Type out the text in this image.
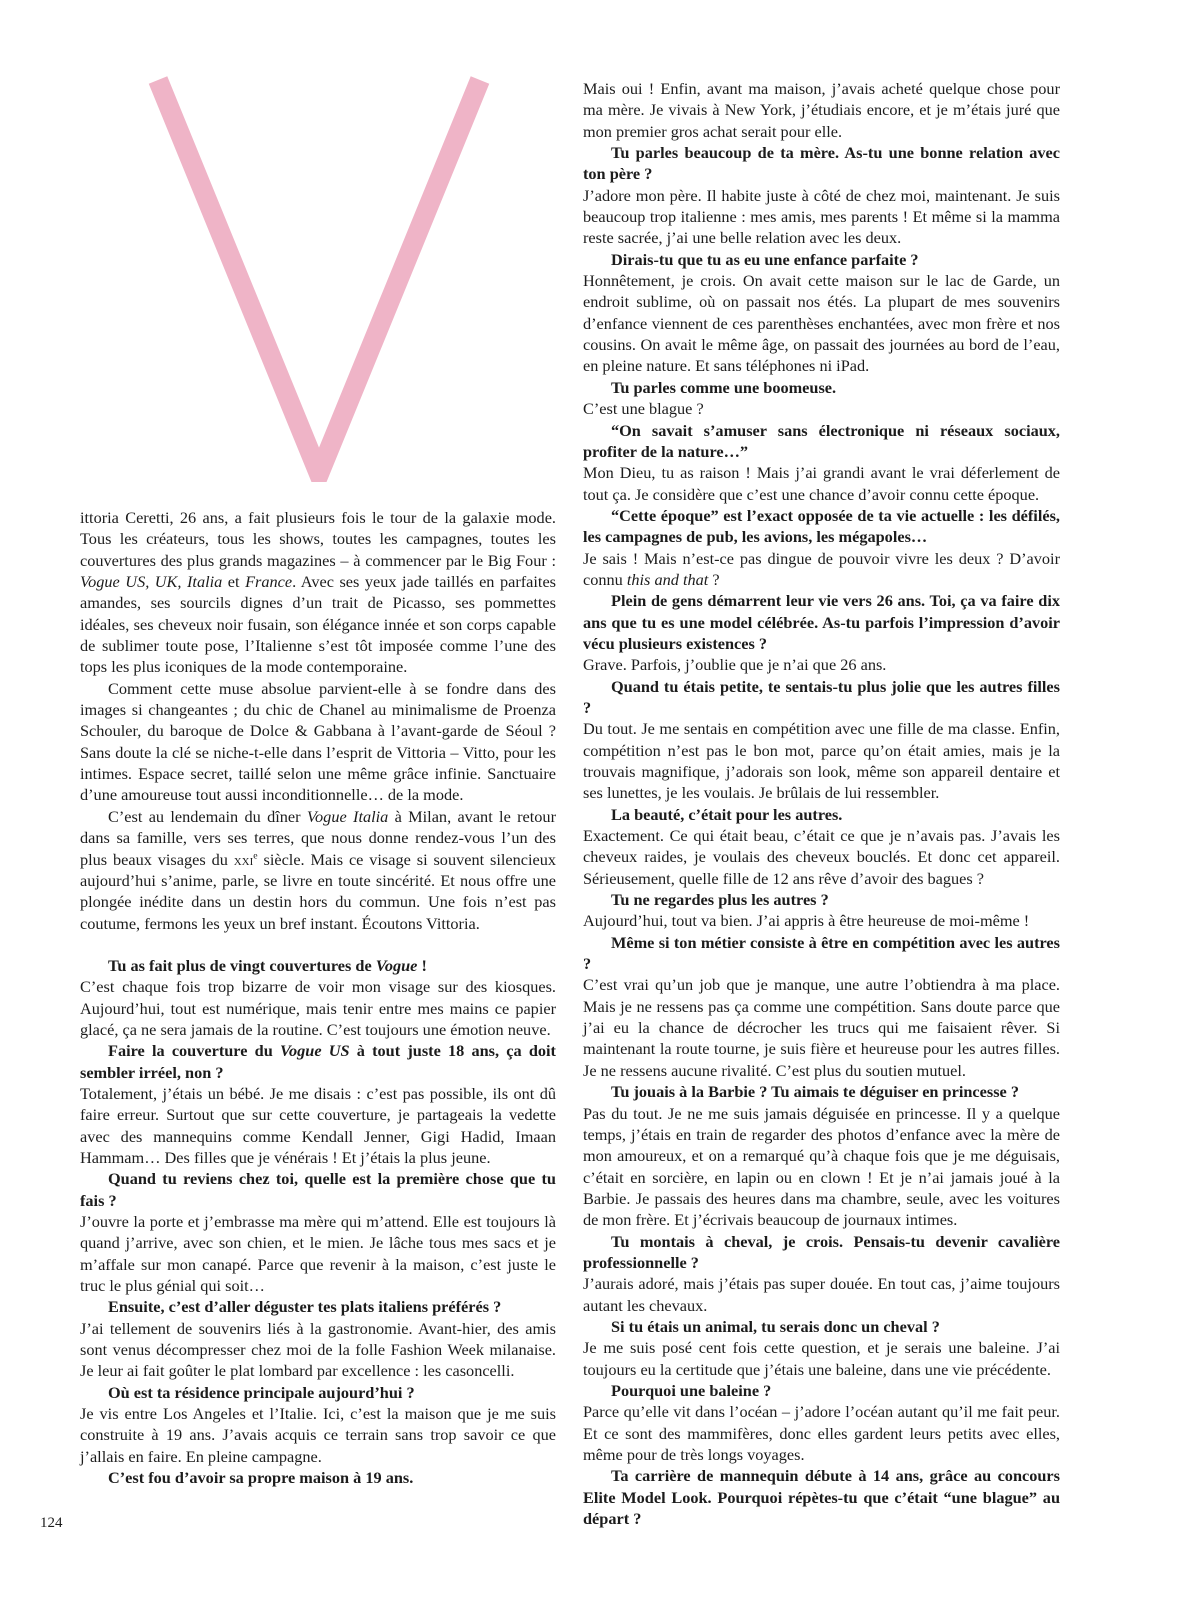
ittoria Ceretti, 26 ans, a fait plusieurs fois le tour de la galaxie mode. Tous les créateurs, tous les shows, toutes les campagnes, toutes les couvertures des plus grands magazines – à commencer par le Big Four : Vogue US, UK, Italia et France. Avec ses yeux jade taillés en parfaites amandes, ses sourcils dignes d’un trait de Picasso, ses pommettes idéales, ses cheveux noir fusain, son élégance innée et son corps capable de sublimer toute pose, l’Italienne s’est tôt imposée comme l’une des tops les plus iconiques de la mode contemporaine.

Comment cette muse absolue parvient-elle à se fondre dans des images si changeantes ; du chic de Chanel au minimalisme de Proenza Schouler, du baroque de Dolce & Gabbana à l’avant-garde de Séoul ? Sans doute la clé se niche-t-elle dans l’esprit de Vittoria – Vitto, pour les intimes. Espace secret, taillé selon une même grâce infinie. Sanctuaire d’une amoureuse tout aussi inconditionnelle… de la mode.

C’est au lendemain du dîner Vogue Italia à Milan, avant le retour dans sa famille, vers ses terres, que nous donne rendez-vous l’un des plus beaux visages du xxi$^e$ siècle. Mais ce visage si souvent silencieux aujourd’hui s’anime, parle, se livre en toute sincérité. Et nous offre une plongée inédite dans un destin hors du commun. Une fois n’est pas coutume, fermons les yeux un bref instant. Écoutons Vittoria.

Tu as fait plus de vingt couvertures de Vogue !

C’est chaque fois trop bizarre de voir mon visage sur des kiosques. Aujourd’hui, tout est numérique, mais tenir entre mes mains ce papier glacé, ça ne sera jamais de la routine. C’est toujours une émotion neuve.

Faire la couverture du Vogue US à tout juste 18 ans, ça doit sembler irréel, non ?

Totalement, j’étais un bébé. Je me disais : c’est pas possible, ils ont dû faire erreur. Surtout que sur cette couverture, je partageais la vedette avec des mannequins comme Kendall Jenner, Gigi Hadid, Imaan Hammam… Des filles que je vénérais ! Et j’étais la plus jeune.

Quand tu reviens chez toi, quelle est la première chose que tu fais ?

J’ouvre la porte et j’embrasse ma mère qui m’attend. Elle est toujours là quand j’arrive, avec son chien, et le mien. Je lâche tous mes sacs et je m’affale sur mon canapé. Parce que revenir à la maison, c’est juste le truc le plus génial qui soit…

Ensuite, c’est d’aller déguster tes plats italiens préférés ?

J’ai tellement de souvenirs liés à la gastronomie. Avant-hier, des amis sont venus décompresser chez moi de la folle Fashion Week milanaise. Je leur ai fait goûter le plat lombard par excellence : les casoncelli.

Où est ta résidence principale aujourd’hui ?

Je vis entre Los Angeles et l’Italie. Ici, c’est la maison que je me suis construite à 19 ans. J’avais acquis ce terrain sans trop savoir ce que j’allais en faire. En pleine campagne.

C’est fou d’avoir sa propre maison à 19 ans.

Mais oui ! Enfin, avant ma maison, j’avais acheté quelque chose pour ma mère. Je vivais à New York, j’étudiais encore, et je m’étais juré que mon premier gros achat serait pour elle.

Tu parles beaucoup de ta mère. As-tu une bonne relation avec ton père ?

J’adore mon père. Il habite juste à côté de chez moi, maintenant. Je suis beaucoup trop italienne : mes amis, mes parents ! Et même si la mamma reste sacrée, j’ai une belle relation avec les deux.

Dirais-tu que tu as eu une enfance parfaite ?

Honnêtement, je crois. On avait cette maison sur le lac de Garde, un endroit sublime, où on passait nos étés. La plupart de mes souvenirs d’enfance viennent de ces parenthèses enchantées, avec mon frère et nos cousins. On avait le même âge, on passait des journées au bord de l’eau, en pleine nature. Et sans téléphones ni iPad.

Tu parles comme une boomeuse.

C’est une blague ?

“On savait s’amuser sans électronique ni réseaux sociaux, profiter de la nature…”

Mon Dieu, tu as raison ! Mais j’ai grandi avant le vrai déferlement de tout ça. Je considère que c’est une chance d’avoir connu cette époque.

“Cette époque” est l’exact opposée de ta vie actuelle : les défilés, les campagnes de pub, les avions, les mégapoles…

Je sais ! Mais n’est-ce pas dingue de pouvoir vivre les deux ? D’avoir connu this and that ?

Plein de gens démarrent leur vie vers 26 ans. Toi, ça va faire dix ans que tu es une model célébrée. As-tu parfois l’impression d’avoir vécu plusieurs existences ?

Grave. Parfois, j’oublie que je n’ai que 26 ans.

Quand tu étais petite, te sentais-tu plus jolie que les autres filles ?

Du tout. Je me sentais en compétition avec une fille de ma classe. Enfin, compétition n’est pas le bon mot, parce qu’on était amies, mais je la trouvais magnifique, j’adorais son look, même son appareil dentaire et ses lunettes, je les voulais. Je brûlais de lui ressembler.

La beauté, c’était pour les autres.

Exactement. Ce qui était beau, c’était ce que je n’avais pas. J’avais les cheveux raides, je voulais des cheveux bouclés. Et donc cet appareil. Sérieusement, quelle fille de 12 ans rêve d’avoir des bagues ?

Tu ne regardes plus les autres ?

Aujourd’hui, tout va bien. J’ai appris à être heureuse de moi-même !

Même si ton métier consiste à être en compétition avec les autres ?

C’est vrai qu’un job que je manque, une autre l’obtiendra à ma place. Mais je ne ressens pas ça comme une compétition. Sans doute parce que j’ai eu la chance de décrocher les trucs qui me faisaient rêver. Si maintenant la route tourne, je suis fière et heureuse pour les autres filles. Je ne ressens aucune rivalité. C’est plus du soutien mutuel.

Tu jouais à la Barbie ? Tu aimais te déguiser en princesse ?

Pas du tout. Je ne me suis jamais déguisée en princesse. Il y a quelque temps, j’étais en train de regarder des photos d’enfance avec la mère de mon amoureux, et on a remarqué qu’à chaque fois que je me déguisais, c’était en sorcière, en lapin ou en clown ! Et je n’ai jamais joué à la Barbie. Je passais des heures dans ma chambre, seule, avec les voitures de mon frère. Et j’écrivais beaucoup de journaux intimes.

Tu montais à cheval, je crois. Pensais-tu devenir cavalière professionnelle ?

J’aurais adoré, mais j’étais pas super douée. En tout cas, j’aime toujours autant les chevaux.

Si tu étais un animal, tu serais donc un cheval ?

Je me suis posé cent fois cette question, et je serais une baleine. J’ai toujours eu la certitude que j’étais une baleine, dans une vie précédente.

Pourquoi une baleine ?

Parce qu’elle vit dans l’océan – j’adore l’océan autant qu’il me fait peur. Et ce sont des mammifères, donc elles gardent leurs petits avec elles, même pour de très longs voyages.

Ta carrière de mannequin débute à 14 ans, grâce au concours Elite Model Look. Pourquoi répètes-tu que c’était “une blague” au départ ?

124
